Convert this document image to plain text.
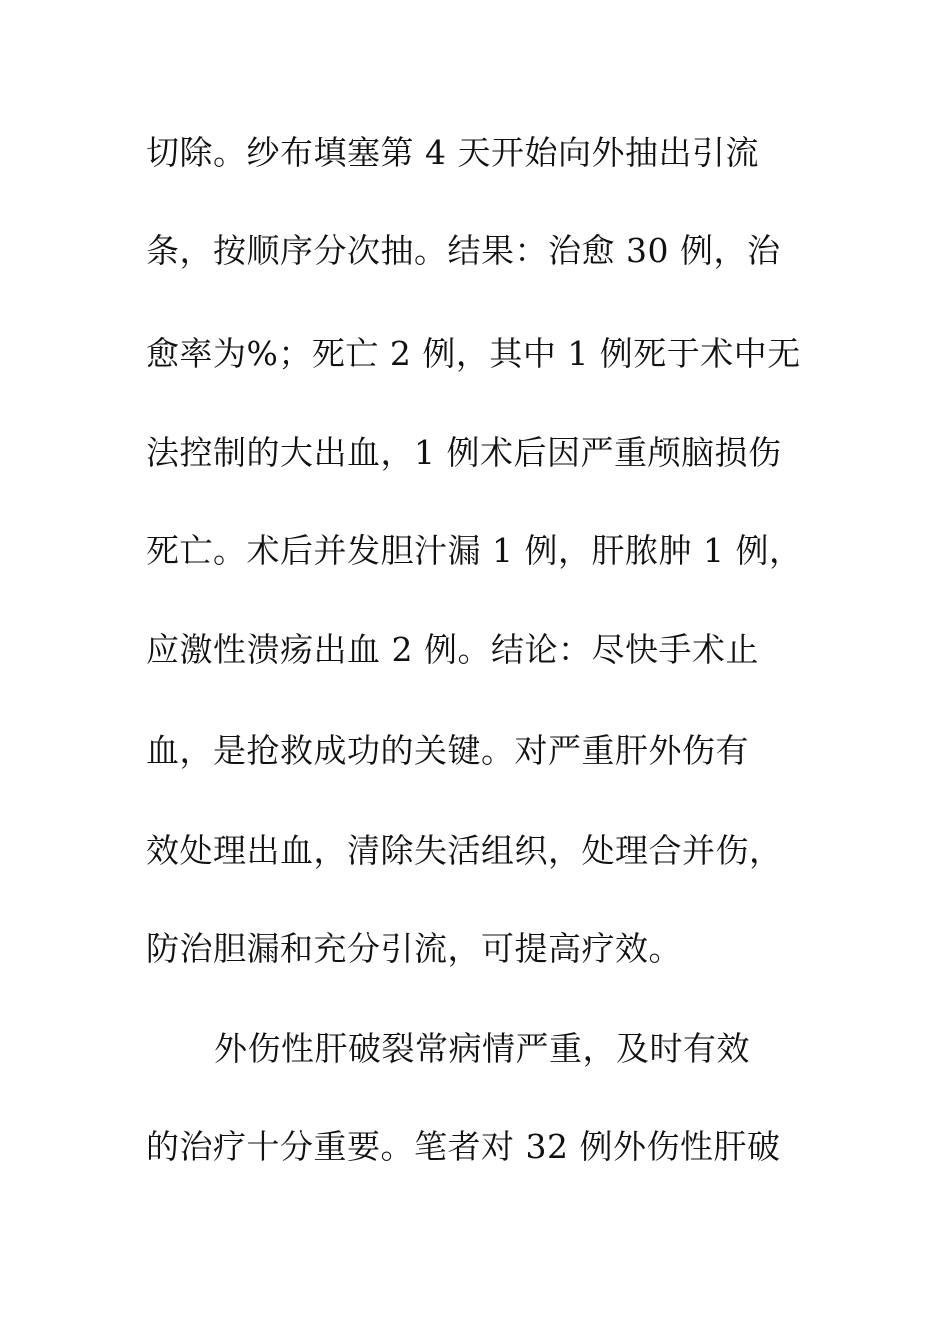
切除。纱布填塞第 4 天开始向外抽出引流
条，按顺序分次抽。结果：治愈 30 例，治
愈率为%；死亡 2 例，其中 1 例死于术中无
法控制的大出血，1 例术后因严重颅脑损伤
死亡。术后并发胆汁漏 1 例，肝脓肿 1 例，
应激性溃疡出血 2 例。结论：尽快手术止
血，是抢救成功的关键。对严重肝外伤有
效处理出血，清除失活组织，处理合并伤，
防治胆漏和充分引流，可提高疗效。
外伤性肝破裂常病情严重，及时有效
的治疗十分重要。笔者对 32 例外伤性肝破
